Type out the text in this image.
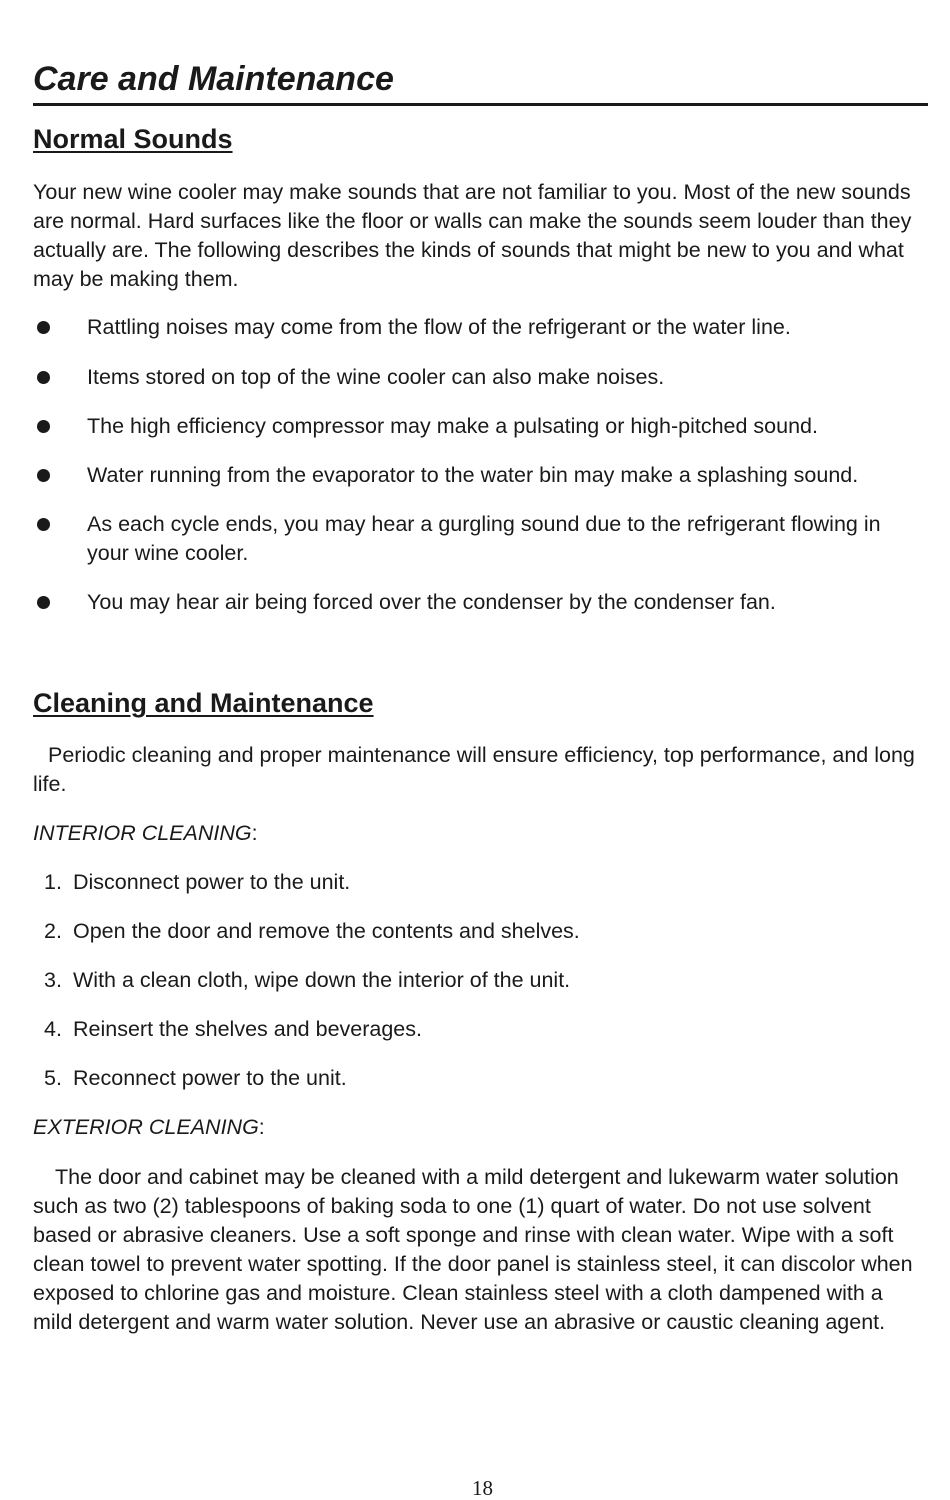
Care and Maintenance
Normal Sounds

Your new wine cooler may make sounds that are not familiar to you. Most of the new sounds are normal. Hard surfaces like the floor or walls can make the sounds seem louder than they actually are. The following describes the kinds of sounds that might be new to you and what may be making them.

Rattling noises may come from the flow of the refrigerant or the water line.
Items stored on top of the wine cooler can also make noises.
The high efficiency compressor may make a pulsating or high-pitched sound.
Water running from the evaporator to the water bin may make a splashing sound.
As each cycle ends, you may hear a gurgling sound due to the refrigerant flowing in your wine cooler.
You may hear air being forced over the condenser by the condenser fan.
Cleaning and Maintenance

Periodic cleaning and proper maintenance will ensure efficiency, top performance, and long life.

INTERIOR CLEANING:
1. Disconnect power to the unit.
2. Open the door and remove the contents and shelves.
3. With a clean cloth, wipe down the interior of the unit.
4. Reinsert the shelves and beverages.
5. Reconnect power to the unit.
EXTERIOR CLEANING:

The door and cabinet may be cleaned with a mild detergent and lukewarm water solution such as two (2) tablespoons of baking soda to one (1) quart of water. Do not use solvent based or abrasive cleaners. Use a soft sponge and rinse with clean water. Wipe with a soft clean towel to prevent water spotting. If the door panel is stainless steel, it can discolor when exposed to chlorine gas and moisture. Clean stainless steel with a cloth dampened with a mild detergent and warm water solution. Never use an abrasive or caustic cleaning agent.

18
